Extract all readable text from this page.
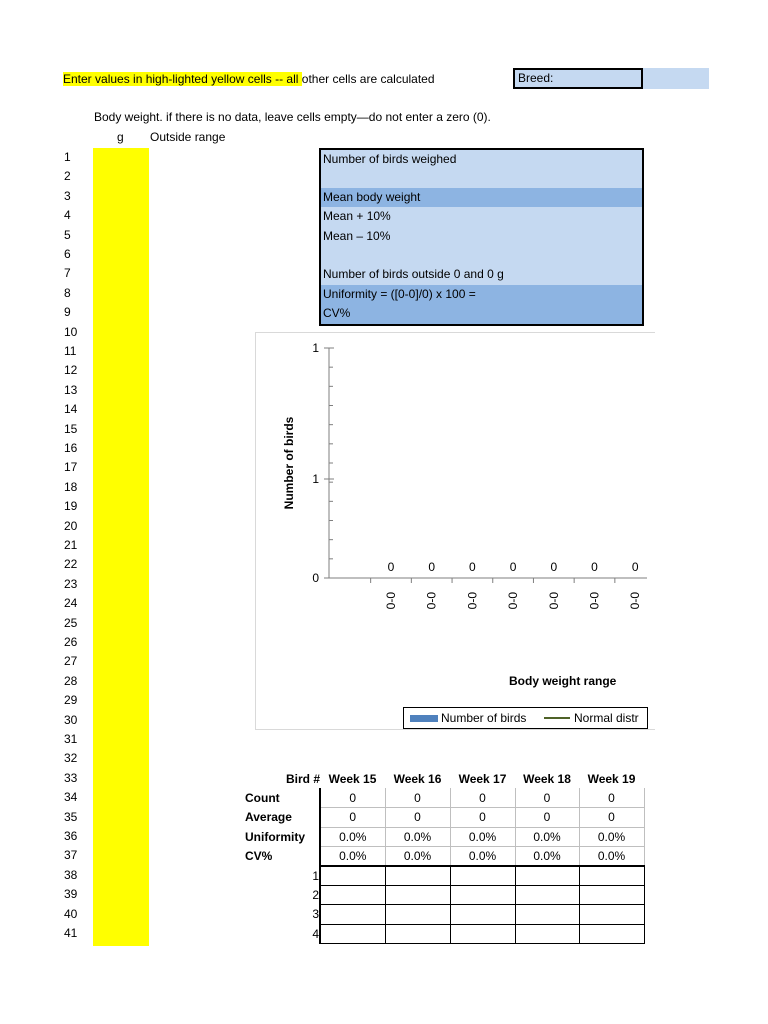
Enter values in high-lighted yellow cells -- all other cells are calculated	Breed:	I
Body weight. if there is no data, leave cells empty—do not enter a zero (0).
g Outside range
1
2
3
4
5
6
7
8
9
10
11
12
13
14
15
16
17
18
19
20
21
22
23
24
25
26
27
28
29
30
31
32
33
34
35
36
37
38
39
40
41
Number of birds weighed
Mean body weight
Mean + 10%
Mean – 10%
Number of birds outside 0 and 0 g
Uniformity = ([0-0]/0) x 100 =
CV%
0
1
1
Number of birds
0
0-0
0
0-0
0
0-0
0
0-0
0
0-0
0
0-0
0
0-0
Body weight range
Number of birds	Normal distr
Bird #	Week 15	Week 16	Week 17	Week 18	Week 19
Count	0	0	0	0	0
Average	0	0	0	0	0
Uniformity	0.0%	0.0%	0.0%	0.0%	0.0%
CV%	0.0%	0.0%	0.0%	0.0%	0.0%
1					
2					
3					
4					
